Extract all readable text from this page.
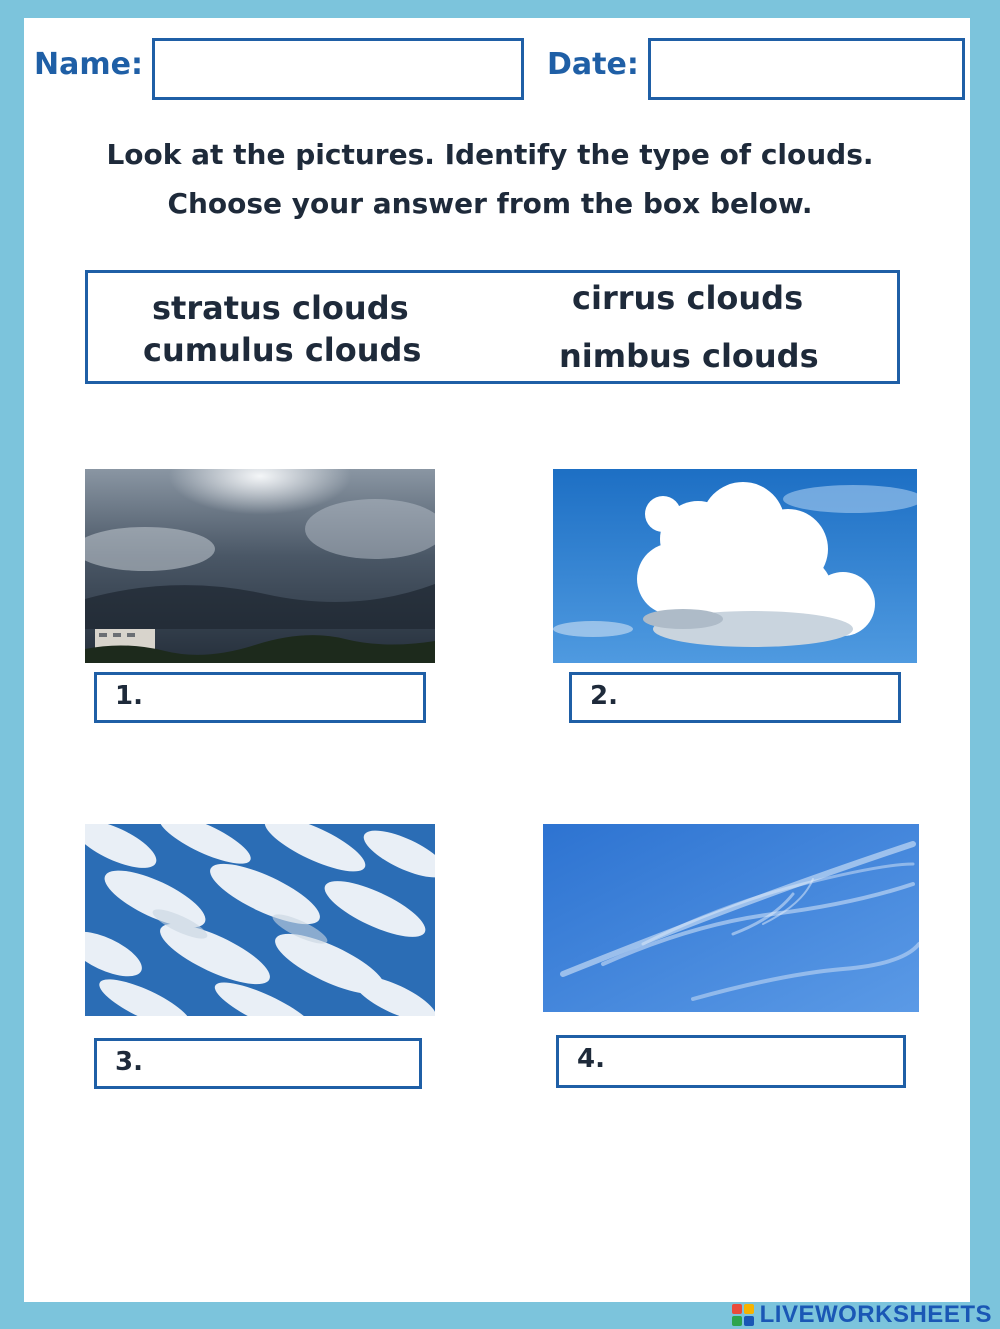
Name:	Date:
Look at the pictures. Identify the type of clouds.
Choose your answer from the box below.
stratus clouds
cumulus clouds
cirrus clouds
nimbus clouds
1.	2.
3.	4.
LIVEWORKSHEETS
